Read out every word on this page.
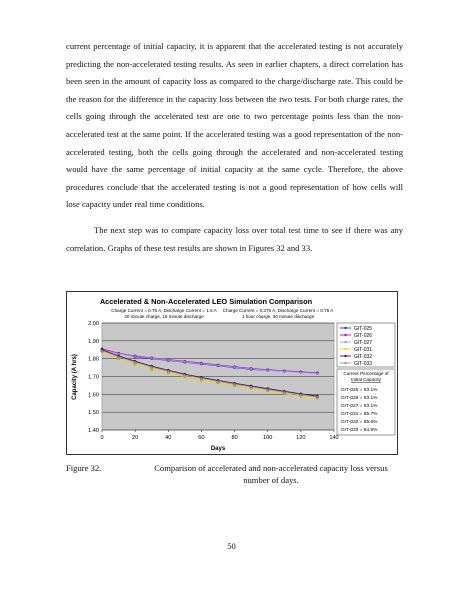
current percentage of initial capacity, it is apparent that the accelerated testing is not accurately predicting the non-accelerated testing results. As seen in earlier chapters, a direct correlation has been seen in the amount of capacity loss as compared to the charge/discharge rate. This could be the reason for the difference in the capacity loss between the two tests. For both charge rates, the cells going through the accelerated test are one to two percentage points less than the non-accelerated test at the same point. If the accelerated testing was a good representation of the non-accelerated testing, both the cells going through the accelerated and non-accelerated testing would have the same percentage of initial capacity at the same cycle. Therefore, the above procedures conclude that the accelerated testing is not a good representation of how cells will lose capacity under real time conditions.

The next step was to compare capacity loss over total test time to see if there was any correlation. Graphs of these test results are shown in Figures 32 and 33.

Accelerated & Non-Accelerated LEO Simulation Comparison
Charge Current = 0.75 A, Discharge Current = 1.5 A
30 minute charge, 15 minute discharge
Charge Current = 0.375 A, Discharge Current = 0.75 A
1 hour charge, 30 minute discharge
1.40
1.50
1.60
1.70
1.80
1.90
2.00
0	20	40	60	80	100	120	140
Days
Capacity (A hrs)
GIT-025
GIT-026
GIT-027
GIT-031
GIT-032
GIT-033
Current Percentage of
Initial Capacity
GIT-025 = 93.1%
GIT-026 = 93.1%
GIT-027 = 93.1%
GIT-031 = 85.7%
GIT-032 = 85.6%
GIT-033 = 84.9%
Figure 32.	Comparison of accelerated and non-accelerated capacity loss versus number of days.
50
